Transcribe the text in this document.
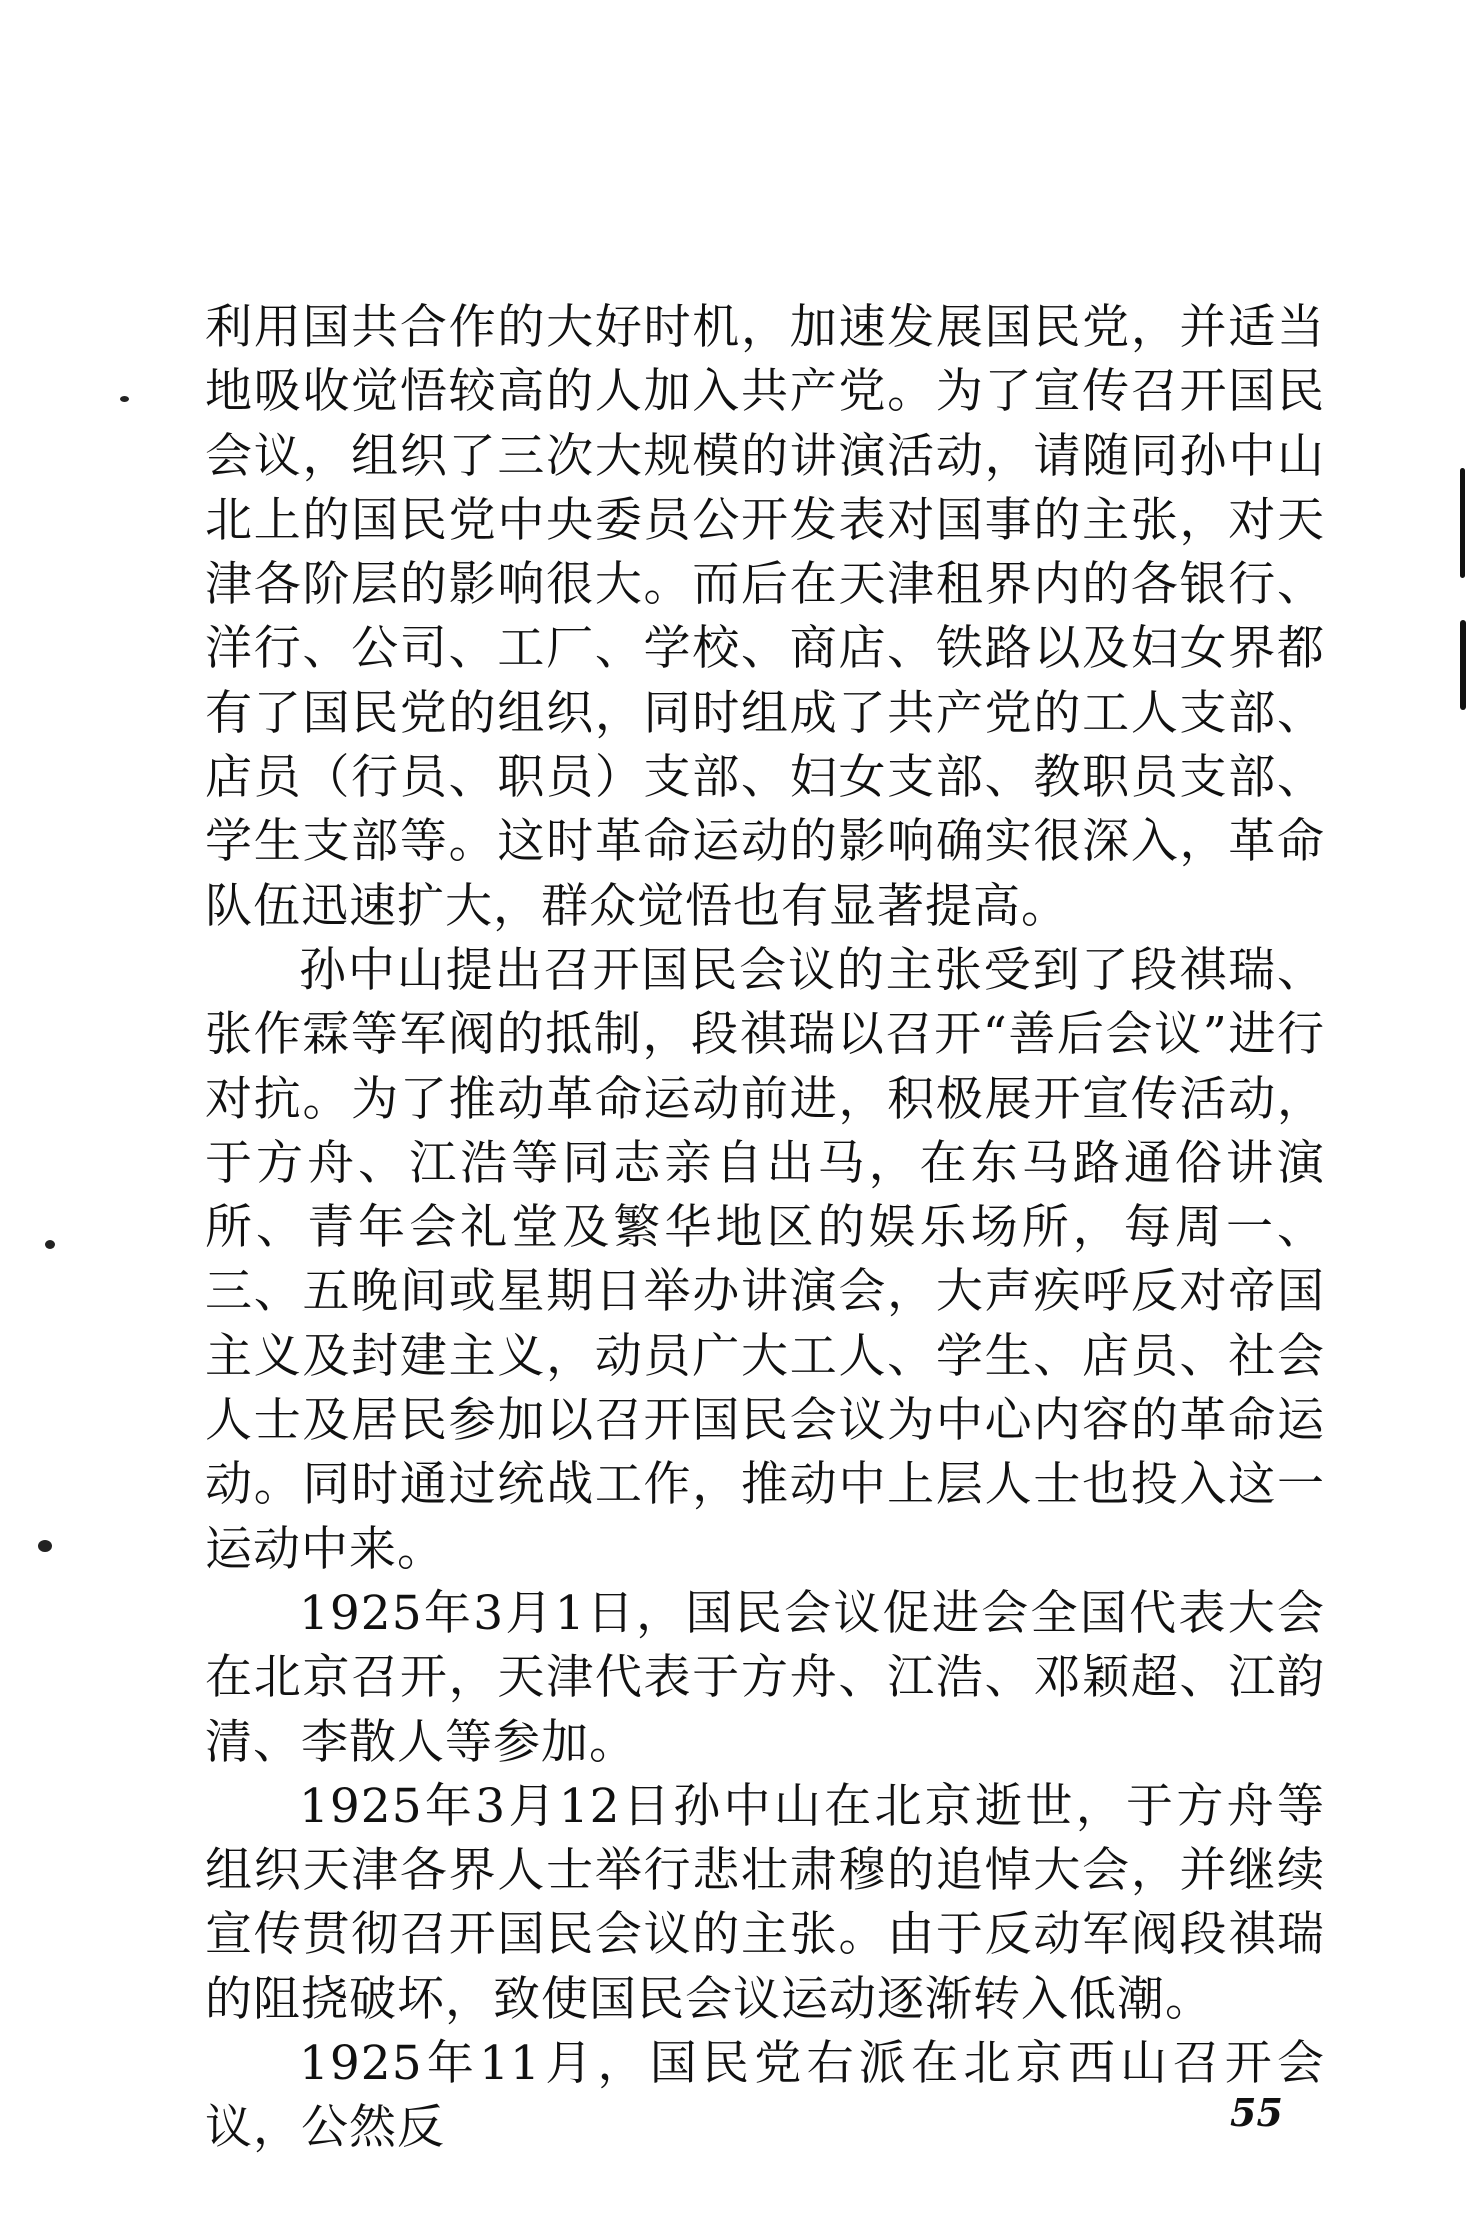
利用国共合作的大好时机，加速发展国民党，并适当地吸收觉悟较高的人加入共产党。为了宣传召开国民会议，组织了三次大规模的讲演活动，请随同孙中山北上的国民党中央委员公开发表对国事的主张，对天津各阶层的影响很大。而后在天津租界内的各银行、洋行、公司、工厂、学校、商店、铁路以及妇女界都有了国民党的组织，同时组成了共产党的工人支部、店员（行员、职员）支部、妇女支部、教职员支部、学生支部等。这时革命运动的影响确实很深入，革命队伍迅速扩大，群众觉悟也有显著提高。

孙中山提出召开国民会议的主张受到了段祺瑞、张作霖等军阀的抵制，段祺瑞以召开“善后会议”进行对抗。为了推动革命运动前进，积极展开宣传活动，于方舟、江浩等同志亲自出马，在东马路通俗讲演所、青年会礼堂及繁华地区的娱乐场所，每周一、三、五晚间或星期日举办讲演会，大声疾呼反对帝国主义及封建主义，动员广大工人、学生、店员、社会人士及居民参加以召开国民会议为中心内容的革命运动。同时通过统战工作，推动中上层人士也投入这一运动中来。

1925年3月1日，国民会议促进会全国代表大会在北京召开，天津代表于方舟、江浩、邓颖超、江韵清、李散人等参加。

1925年3月12日孙中山在北京逝世，于方舟等组织天津各界人士举行悲壮肃穆的追悼大会，并继续宣传贯彻召开国民会议的主张。由于反动军阀段祺瑞的阻挠破坏，致使国民会议运动逐渐转入低潮。

1925年11月，国民党右派在北京西山召开会议，公然反	55
